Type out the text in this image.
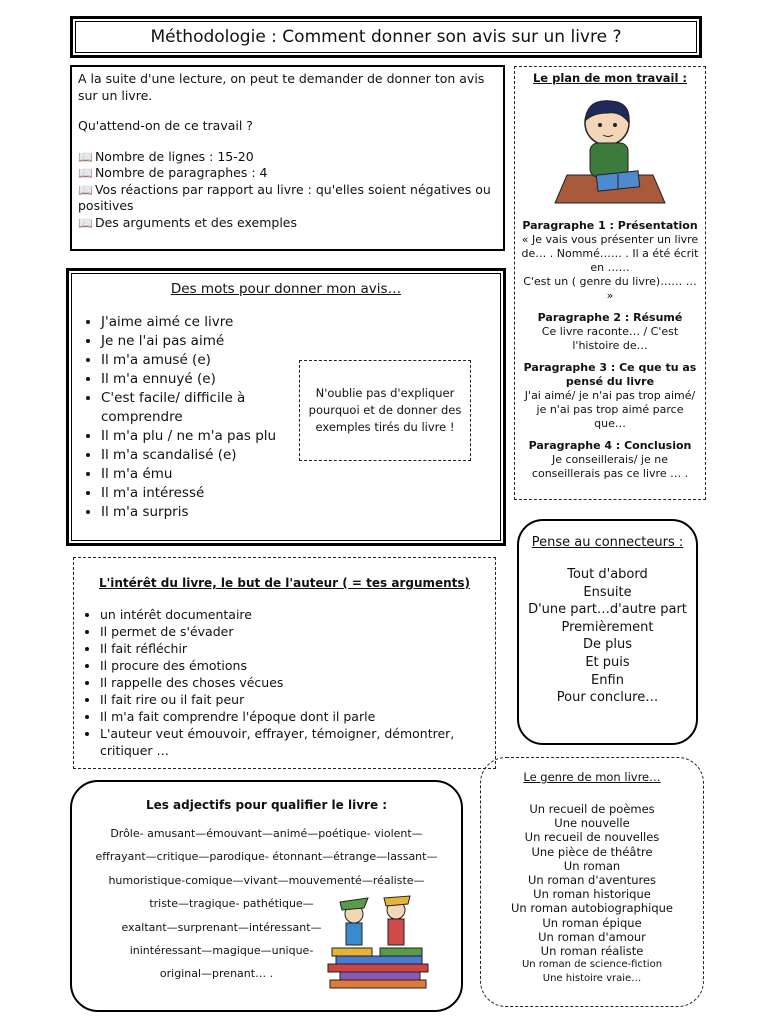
Méthodologie : Comment donner son avis sur un livre ?

A la suite d'une lecture, on peut te demander de donner ton avis sur un livre.

Qu'attend-on de ce travail ?

📖 Nombre de lignes : 15-20
📖 Nombre de paragraphes : 4
📖 Vos réactions par rapport au livre : qu'elles soient négatives ou positives
📖 Des arguments et des exemples
Le plan de mon travail :
Paragraphe 1 : Présentation
« Je vais vous présenter un livre de… . Nommé…… . Il a été écrit en ……
C'est un ( genre du livre)…… … »
Paragraphe 2 : Résumé
Ce livre raconte… / C'est l'histoire de…
Paragraphe 3 : Ce que tu as pensé du livre
J'ai aimé/ je n'ai pas trop aimé/ je n'ai pas trop aimé parce que…
Paragraphe 4 : Conclusion
Je conseillerais/ je ne conseillerais pas ce livre … .
Des mots pour donner mon avis…
• J'aime aimé ce livre
• Je ne l'ai pas aimé
• Il m'a amusé (e)
• Il m'a ennuyé (e)
• C'est facile/ difficile à comprendre
• Il m'a plu / ne m'a pas plu
• Il m'a scandalisé (e)
• Il m'a ému
• Il m'a intéressé
• Il m'a surpris
N'oublie pas d'expliquer pourquoi et de donner des exemples tirés du livre !
L'intérêt du livre, le but de l'auteur ( = tes arguments)
• un intérêt documentaire
• Il permet de s'évader
• Il fait réfléchir
• Il procure des émotions
• Il rappelle des choses vécues
• Il fait rire ou il fait peur
• Il m'a fait comprendre l'époque dont il parle
• L'auteur veut émouvoir, effrayer, témoigner, démontrer, critiquer …
Pense au connecteurs :
Tout d'abord
Ensuite
D'une part…d'autre part
Premièrement
De plus
Et puis
Enfin
Pour conclure…
Les adjectifs pour qualifier le livre :
Drôle- amusant—émouvant—animé—poétique- violent—
effrayant—critique—parodique- étonnant—étrange—lassant—
humoristique-comique—vivant—mouvementé—réaliste—
triste—tragique- pathétique—
exaltant—surprenant—intéressant—
inintéressant—magique—unique-
original—prenant… .
Le genre de mon livre…
Un recueil de poèmes
Une nouvelle
Un recueil de nouvelles
Une pièce de théâtre
Un roman
Un roman d'aventures
Un roman historique
Un roman autobiographique
Un roman épique
Un roman d'amour
Un roman réaliste
Un roman de science-fiction
Une histoire vraie…
